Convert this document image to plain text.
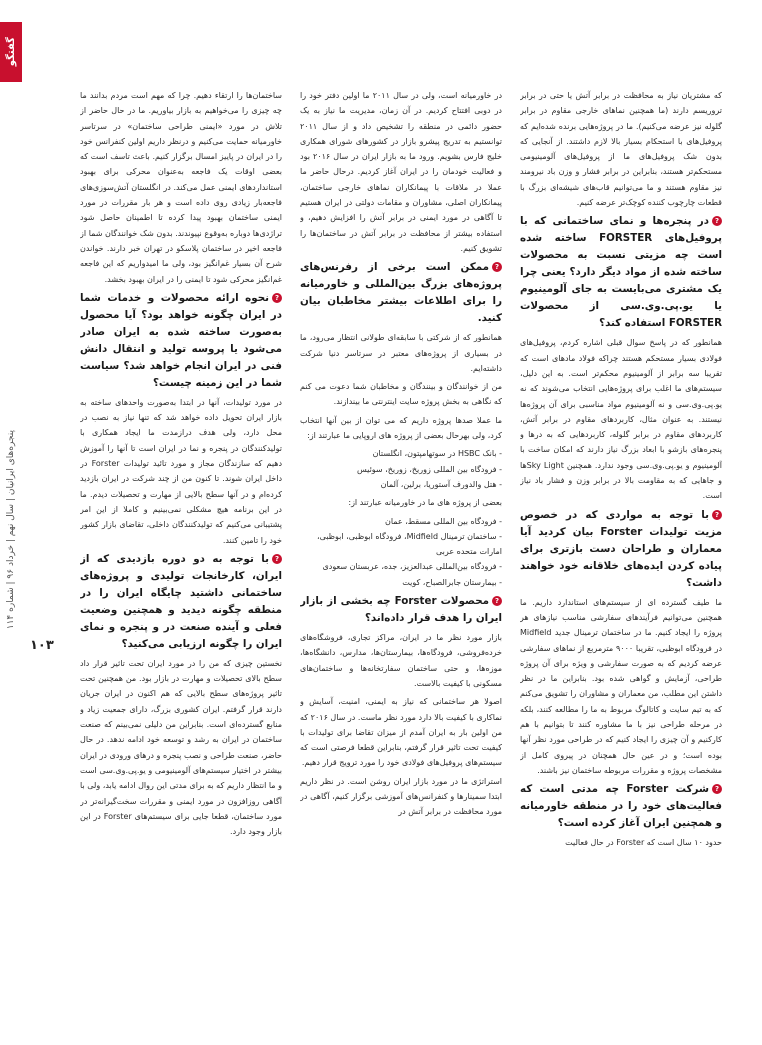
گفتگو
پنجره‌های ایرانیان | سال نهم | خرداد ۹۶ | شماره ۱۱۴
۱۰۳

که مشتریان نیاز به محافظت در برابر آتش یا حتی در برابر تروریسم دارند (ما همچنین نماهای خارجی مقاوم در برابر گلوله نیز عرضه می‌کنیم). ما در پروژه‌هایی برنده شده‌ایم که پروفیل‌های با استحکام بسیار بالا لازم داشتند. از آنجایی که بدون شک پروفیل‌های ما از پروفیل‌های آلومینیومی مستحکم‌تر هستند، بنابراین در برابر فشار و وزن باد نیرومند نیز مقاوم هستند و ما می‌توانیم قاب‌های شیشه‌ای بزرگ با قطعات چارچوب کننده کوچک‌تر عرضه کنیم.

?در پنجره‌ها و نمای ساختمانی که با پروفیل‌های FORSTER ساخته شده است چه مزیتی نسبت به محصولات ساخته شده از مواد دیگر دارد؟ یعنی چرا یک مشتری می‌بایست به جای آلومینیوم یا یو.پی.وی.سی از محصولات FORSTER استفاده کند؟

همانطور که در پاسخ سوال قبلی اشاره کردم، پروفیل‌های فولادی بسیار مستحکم هستند چراکه فولاد مادهای است که تقریبا سه برابر از آلومینیوم محکم‌تر است. به این دلیل، سیستم‌های ما اغلب برای پروژه‌هایی انتخاب می‌شوند که نه یو.پی.وی.سی و نه آلومینیوم مواد مناسبی برای آن پروژه‌ها نیستند. به عنوان مثال، کاربردهای مقاوم در برابر آتش، کاربردهای مقاوم در برابر گلوله، کاربردهایی که به درها و پنجره‌های بازشو با ابعاد بزرگ نیاز دارند که امکان ساخت با آلومینیوم و یو.پی.وی.سی وجود ندارد. همچنین Sky Light‌ها و جاهایی که به مقاومت بالا در برابر وزن و فشار باد نیاز است.

?با توجه به مواردی که در خصوص مزیت تولیدات Forster بیان کردید آیا معماران و طراحان دست بازتری برای پیاده کردن ایده‌های خلاقانه خود خواهند داشت؟

ما طیف گسترده ای از سیستم‌های استاندارد داریم. ما همچنین می‌توانیم فرآیندهای سفارشی مناسب نیازهای هر پروژه را ایجاد کنیم. ما در ساختمان ترمینال جدید Midfield در فرودگاه ابوظبی، تقریبا ۹۰۰۰ مترمربع از نماهای سفارشی عرضه کردیم که به صورت سفارشی و ویژه برای آن پروژه طراحی، آزمایش و گواهی شده بود. بنابراین ما در نظر داشتن این مطلب، من معماران و مشاوران را تشویق می‌کنم که به تیم سایت و کاتالوگ مربوط به ما را مطالعه کنند، بلکه در مرحله طراحی نیز با ما مشاوره کنند تا بتوانیم با هم کارکنیم و آن چیزی را ایجاد کنیم که در طراحی مورد نظر آنها بوده است؛ و در عین حال همچنان در پیروی کامل از مشخصات پروژه و مقررات مربوطه ساختمان نیز باشند.

?شرکت Forster چه مدتی است که فعالیت‌های خود را در منطقه خاورمیانه و همچنین ایران آغاز کرده است؟

حدود ۱۰ سال است که Forster در حال فعالیت

در خاورمیانه است، ولی در سال ۲۰۱۱ ما اولین دفتر خود را در دوبی افتتاح کردیم. در آن زمان، مدیریت ما نیاز به یک حضور دائمی در منطقه را تشخیص داد و از سال ۲۰۱۱ توانستیم به تدریج پیشرو بازار در کشورهای شورای همکاری خلیج فارس بشویم. ورود ما به بازار ایران در سال ۲۰۱۶ بود و فعالیت خودمان را در ایران آغاز کردیم. درحال حاضر ما عملا در ملاقات با پیمانکاران نماهای خارجی ساختمان، پیمانکاران اصلی، مشاوران و مقامات دولتی در ایران هستیم تا آگاهی در مورد ایمنی در برابر آتش را افزایش دهیم، و استفاده بیشتر از محافظت در برابر آتش در ساختمان‌ها را تشویق کنیم.

?ممکن است برخی از رفرنس‌های پروژه‌های بزرگ بین‌المللی و خاورمیانه را برای اطلاعات بیشتر مخاطبان بیان کنید.

همانطور که از شرکتی با سابقه‌ای طولانی انتظار می‌رود، ما در بسیاری از پروژه‌های معتبر در سرتاسر دنیا شرکت داشته‌ایم.

من از خوانندگان و بینندگان و مخاطبان شما دعوت می کنم که نگاهی به بخش پروژه سایت اینترنتی ما بیندازند.

ما عملا صدها پروژه داریم که می توان از بین آنها انتخاب کرد، ولی بهرحال بعضی از پروژه های اروپایی ما عبارتند از:

- بانک HSBC در سوتهامپتون، انگلستان
- فرودگاه بین المللی زوریخ، زوریخ، سوئیس
- هتل والدورف آستوریا، برلین، آلمان

بعضی از پروژه های ما در خاورمیانه عبارتند از:

- فرودگاه بین المللی مسقط، عمان
- ساختمان ترمینال Midfield، فرودگاه ابوظبی، ابوظبی، امارات متحده عربی
- فرودگاه بین‌المللی عبدالعزیز، جده، عربستان سعودی
- بیمارستان جابرالصباح، کویت
?محصولات Forster چه بخشی از بازار ایران را هدف قرار داده‌اند؟

بازار مورد نظر ما در ایران، مراکز تجاری، فروشگاه‌های خرده‌فروشی، فرودگاه‌ها، بیمارستان‌ها، مدارس، دانشگاه‌ها، موزه‌ها، و حتی ساختمان سفارتخانه‌ها و ساختمان‌های مسکونی با کیفیت بالاست.

اصولا هر ساختمانی که نیاز به ایمنی، امنیت، آسایش و نماکاری با کیفیت بالا دارد مورد نظر ماست. در سال ۲۰۱۶ که من اولین بار به ایران آمدم از میزان تقاضا برای تولیدات با کیفیت تحت تاثیر قرار گرفتم، بنابراین قطعا فرصتی است که سیستم‌های پروفیل‌های فولادی خود را مورد ترویج قرار دهیم.

استراتژی ما در مورد بازار ایران روشن است. در نظر داریم ابتدا سمینارها و کنفرانس‌های آموزشی برگزار کنیم، آگاهی در مورد محافظت در برابر آتش در

ساختمان‌ها را ارتقاء دهیم. چرا که مهم است مردم بدانند ما چه چیزی را می‌خواهیم به بازار بیاوریم. ما در حال حاضر از تلاش در مورد «ایمنی طراحی ساختمان» در سرتاسر خاورمیانه حمایت می‌کنیم و درنظر داریم اولین کنفرانس خود را در ایران در پاییز امسال برگزار کنیم. باعث تاسف است که بعضی اوقات یک فاجعه به‌عنوان محرکی برای بهبود استانداردهای ایمنی عمل می‌کند. در انگلستان آتش‌سوزی‌های فاجعه‌بار زیادی روی داده است و هر بار مقررات در مورد ایمنی ساختمان بهبود پیدا کرده تا اطمینان حاصل شود تراژدی‌ها دوباره به‌وقوع نپیوندند. بدون شک خوانندگان شما از فاجعه اخیر در ساختمان پلاسکو در تهران خبر دارند. خواندن شرح آن بسیار غم‌انگیز بود، ولی ما امیدواریم که این فاجعه غم‌انگیز محرکی شود تا ایمنی را در ایران بهبود بخشد.

?نحوه ارائه محصولات و خدمات شما در ایران چگونه خواهد بود؟ آیا محصول به‌صورت ساخته شده به ایران صادر می‌شود یا پروسه تولید و انتقال دانش فنی در ایران انجام خواهد شد؟ سیاست شما در این زمینه چیست؟

در مورد تولیدات، آنها در ابتدا به‌صورت واحدهای ساخته به بازار ایران تحویل داده خواهد شد که تنها نیاز به نصب در محل دارد، ولی هدف درازمدت ما ایجاد همکاری با تولیدکنندگان در پنجره و نما در ایران است تا آنها را آموزش دهیم که سازندگان مجاز و مورد تائید تولیدات Forster در داخل ایران شوند. تا کنون من از چند شرکت در ایران بازدید کرده‌ام و در آنها سطح بالایی از مهارت و تحصیلات دیدم. ما در این برنامه هیچ مشکلی نمی‌بینیم و کاملا از این امر پشتیبانی می‌کنیم که تولیدکنندگان داخلی، تقاضای بازار کشور خود را تامین کنند.

?با توجه به دو دوره بازدیدی که از ایران، کارخانجات تولیدی و پروژه‌های ساختمانی داشتید چایگاه ایران را در منطقه چگونه دیدید و همچنین وضعیت فعلی و آینده صنعت در و پنجره و نمای ایران را چگونه ارزیابی می‌کنید؟

نخستین چیزی که من را در مورد ایران تحت تاثیر قرار داد سطح بالای تحصیلات و مهارت در بازار بود. من همچنین تحت تاثیر پروژه‌های سطح بالایی که هم اکنون در ایران جریان دارند قرار گرفتم. ایران کشوری بزرگ، دارای جمعیت زیاد و منابع گسترده‌ای است. بنابراین من دلیلی نمی‌بینم که صنعت ساختمان در ایران به رشد و توسعه خود ادامه ندهد. در حال حاضر، صنعت طراحی و نصب پنجره و درهای ورودی در ایران بیشتر در اختیار سیستم‌های آلومینیومی و یو.پی.وی.سی است و ما انتظار داریم که به برای مدتی این روال ادامه یابد، ولی با آگاهی روزافزون در مورد ایمنی و مقررات سخت‌گیرانه‌تر در مورد ساختمان، قطعا جایی برای سیستم‌های Forster در این بازار وجود دارد.
